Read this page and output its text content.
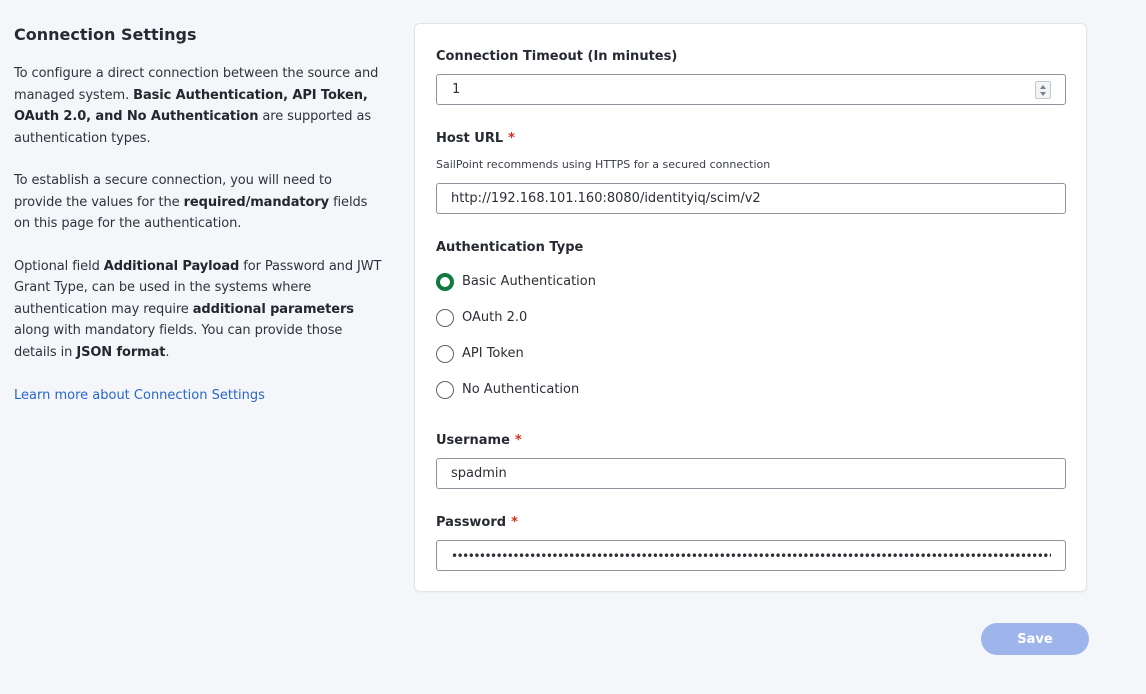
Connection Settings

To configure a direct connection between the source and managed system. Basic Authentication, API Token, OAuth 2.0, and No Authentication are supported as authentication types.

To establish a secure connection, you will need to provide the values for the required/mandatory fields on this page for the authentication.

Optional field Additional Payload for Password and JWT Grant Type, can be used in the systems where authentication may require additional parameters along with mandatory fields. You can provide those details in JSON format.

Learn more about Connection Settings
Connection Timeout (In minutes)
1
Host URL *
SailPoint recommends using HTTPS for a secured connection
http://192.168.101.160:8080/identityiq/scim/v2
Authentication Type
Basic Authentication
OAuth 2.0
API Token
No Authentication
Username *
spadmin
Password *
••••••••••••••••••••••••••••••••••••••••••••••••••••••••••••••••••••••••••••••••••••••••••••••••••••••••••••••••••••••••••••••••••••••••••••••••••••••••••••••••
Save
